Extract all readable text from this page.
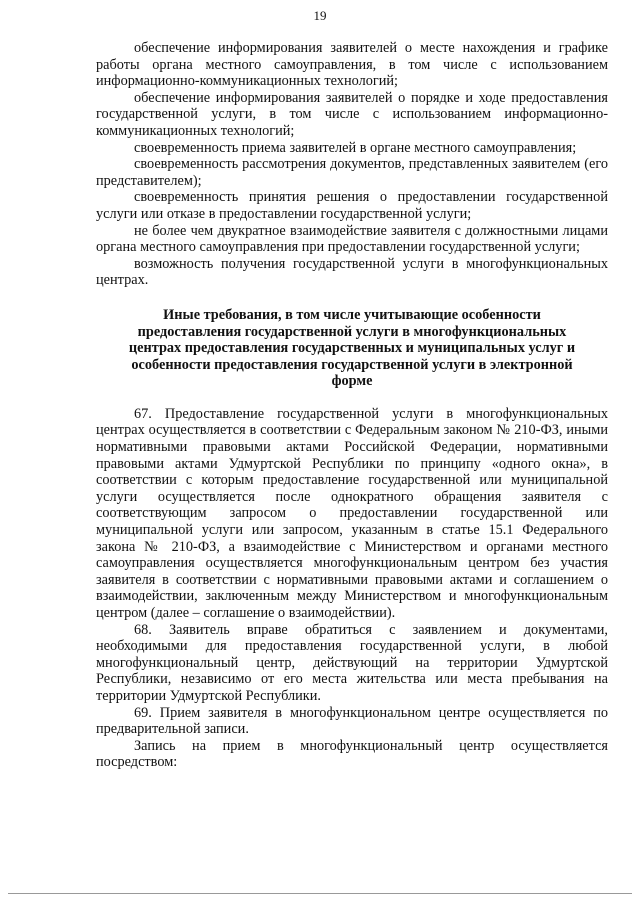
19

обеспечение информирования заявителей о месте нахождения и графике работы органа местного самоуправления, в том числе с использованием информационно-коммуникационных технологий;

обеспечение информирования заявителей о порядке и ходе предоставления государственной услуги, в том числе с использованием информационно-коммуникационных технологий;

своевременность приема заявителей в органе местного самоуправления;

своевременность рассмотрения документов, представленных заявителем (его представителем);

своевременность принятия решения о предоставлении государственной услуги или отказе в предоставлении государственной услуги;

не более чем двукратное взаимодействие заявителя с должностными лицами органа местного самоуправления при предоставлении государственной услуги;

возможность получения государственной услуги в многофункциональных центрах.

Иные требования, в том числе учитывающие особенности предоставления государственной услуги в многофункциональных центрах предоставления государственных и муниципальных услуг и особенности предоставления государственной услуги в электронной форме

67. Предоставление государственной услуги в многофункциональных центрах осуществляется в соответствии с Федеральным законом № 210-ФЗ, иными нормативными правовыми актами Российской Федерации, нормативными правовыми актами Удмуртской Республики по принципу «одного окна», в соответствии с которым предоставление государственной или муниципальной услуги осуществляется после однократного обращения заявителя с соответствующим запросом о предоставлении государственной или муниципальной услуги или запросом, указанным в статье 15.1 Федерального закона № 210-ФЗ, а взаимодействие с Министерством и органами местного самоуправления осуществляется многофункциональным центром без участия заявителя в соответствии с нормативными правовыми актами и соглашением о взаимодействии, заключенным между Министерством и многофункциональным центром (далее – соглашение о взаимодействии).

68. Заявитель вправе обратиться с заявлением и документами, необходимыми для предоставления государственной услуги, в любой многофункциональный центр, действующий на территории Удмуртской Республики, независимо от его места жительства или места пребывания на территории Удмуртской Республики.

69. Прием заявителя в многофункциональном центре осуществляется по предварительной записи.

Запись на прием в многофункциональный центр осуществляется посредством:
